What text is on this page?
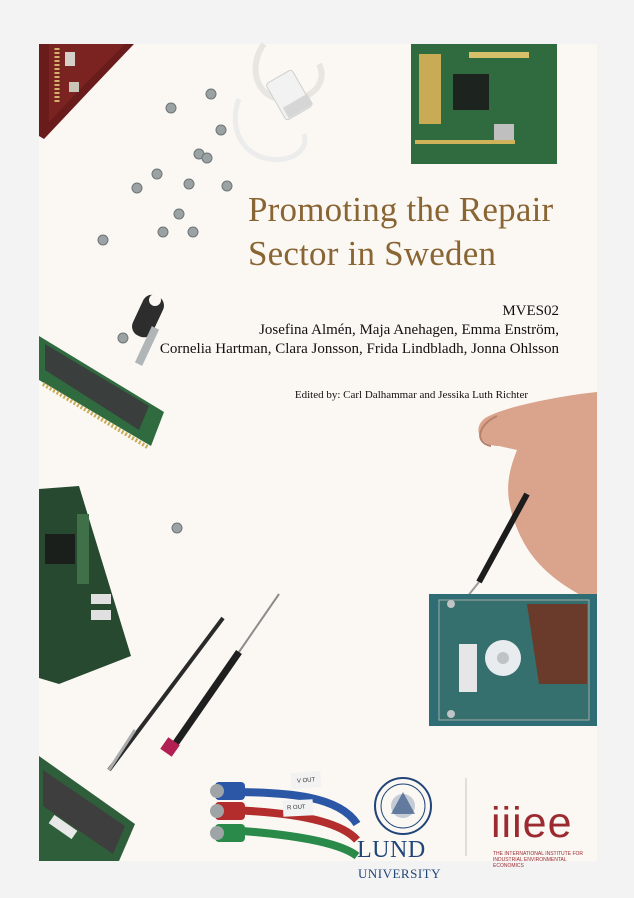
Promoting the Repair
Sector in Sweden
MVES02
Josefina Almén, Maja Anehagen, Emma Enström,
Cornelia Hartman, Clara Jonsson, Frida Lindbladh, Jonna Ohlsson
Edited by: Carl Dalhammar and Jessika Luth Richter
V OUT
R OUT
LUND
UNIVERSITY
iiiee
THE INTERNATIONAL INSTITUTE FOR
INDUSTRIAL ENVIRONMENTAL ECONOMICS
